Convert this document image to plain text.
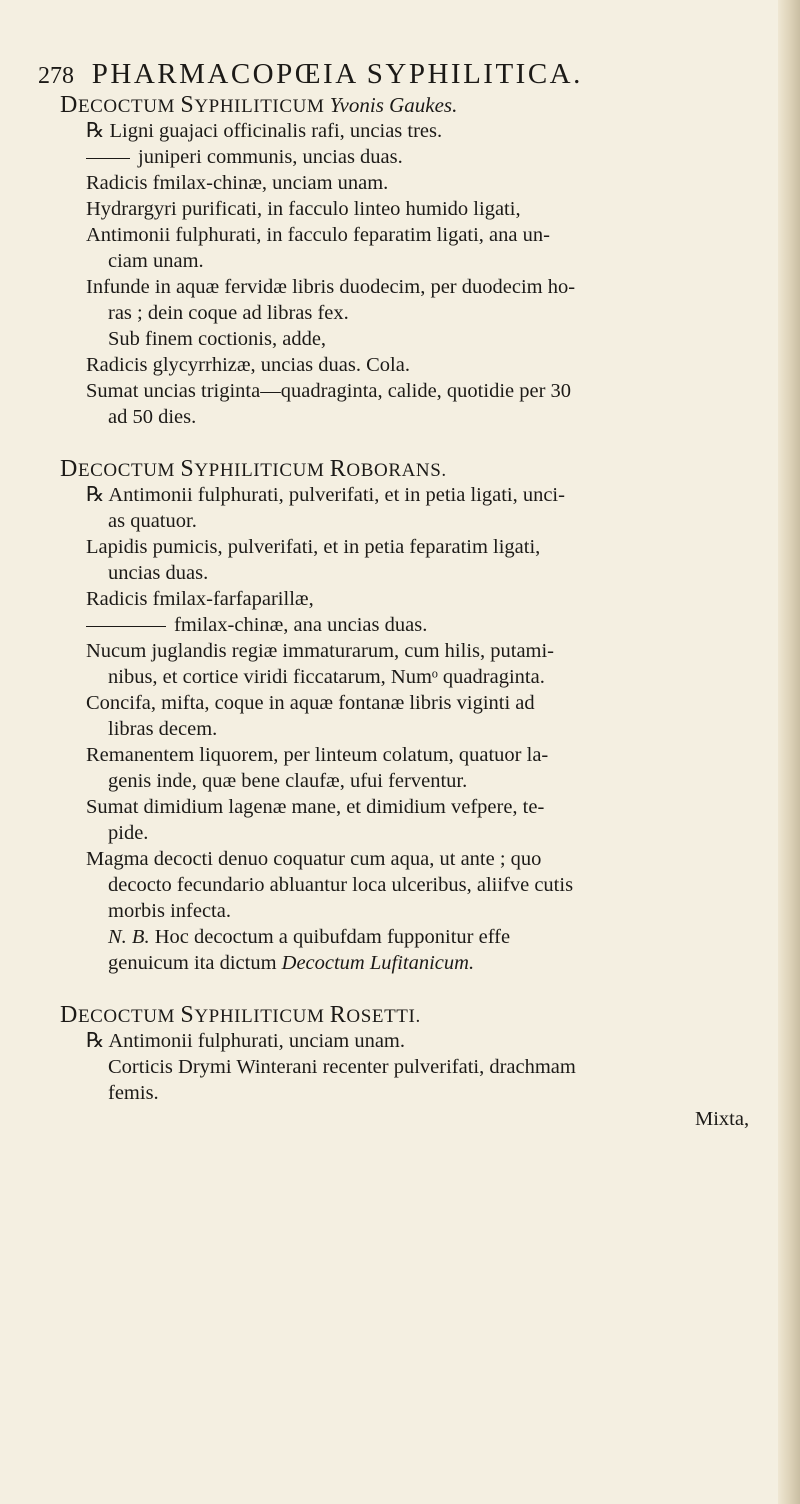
278 PHARMACOPŒIA SYPHILITICA.
DECOCTUM SYPHILITICUM Yvonis Gaukes.
℞ Ligni guajaci officinalis rafi, uncias tres.
juniperi communis, uncias duas.
Radicis fmilax-chinæ, unciam unam.
Hydrargyri purificati, in facculo linteo humido ligati,
Antimonii fulphurati, in facculo feparatim ligati, ana un-
ciam unam.
Infunde in aquæ fervidæ libris duodecim, per duodecim ho-
ras ; dein coque ad libras fex.
Sub finem coctionis, adde,
Radicis glycyrrhizæ, uncias duas. Cola.
Sumat uncias triginta—quadraginta, calide, quotidie per 30
ad 50 dies.
DECOCTUM SYPHILITICUM ROBORANS.
℞ Antimonii fulphurati, pulverifati, et in petia ligati, unci-
as quatuor.
Lapidis pumicis, pulverifati, et in petia feparatim ligati,
uncias duas.
Radicis fmilax-farfaparillæ,
fmilax-chinæ, ana uncias duas.
Nucum juglandis regiæ immaturarum, cum hilis, putami-
nibus, et cortice viridi ficcatarum, Numᵒ quadraginta.
Concifa, mifta, coque in aquæ fontanæ libris viginti ad
libras decem.
Remanentem liquorem, per linteum colatum, quatuor la-
genis inde, quæ bene claufæ, ufui ferventur.
Sumat dimidium lagenæ mane, et dimidium vefpere, te-
pide.
Magma decocti denuo coquatur cum aqua, ut ante ; quo
decocto fecundario abluantur loca ulceribus, aliifve cutis
morbis infecta.
N. B. Hoc decoctum a quibufdam fupponitur effe
genuicum ita dictum Decoctum Lufitanicum.
DECOCTUM SYPHILITICUM ROSETTI.
℞ Antimonii fulphurati, unciam unam.
Corticis Drymi Winterani recenter pulverifati, drachmam
femis.
Mixta,
